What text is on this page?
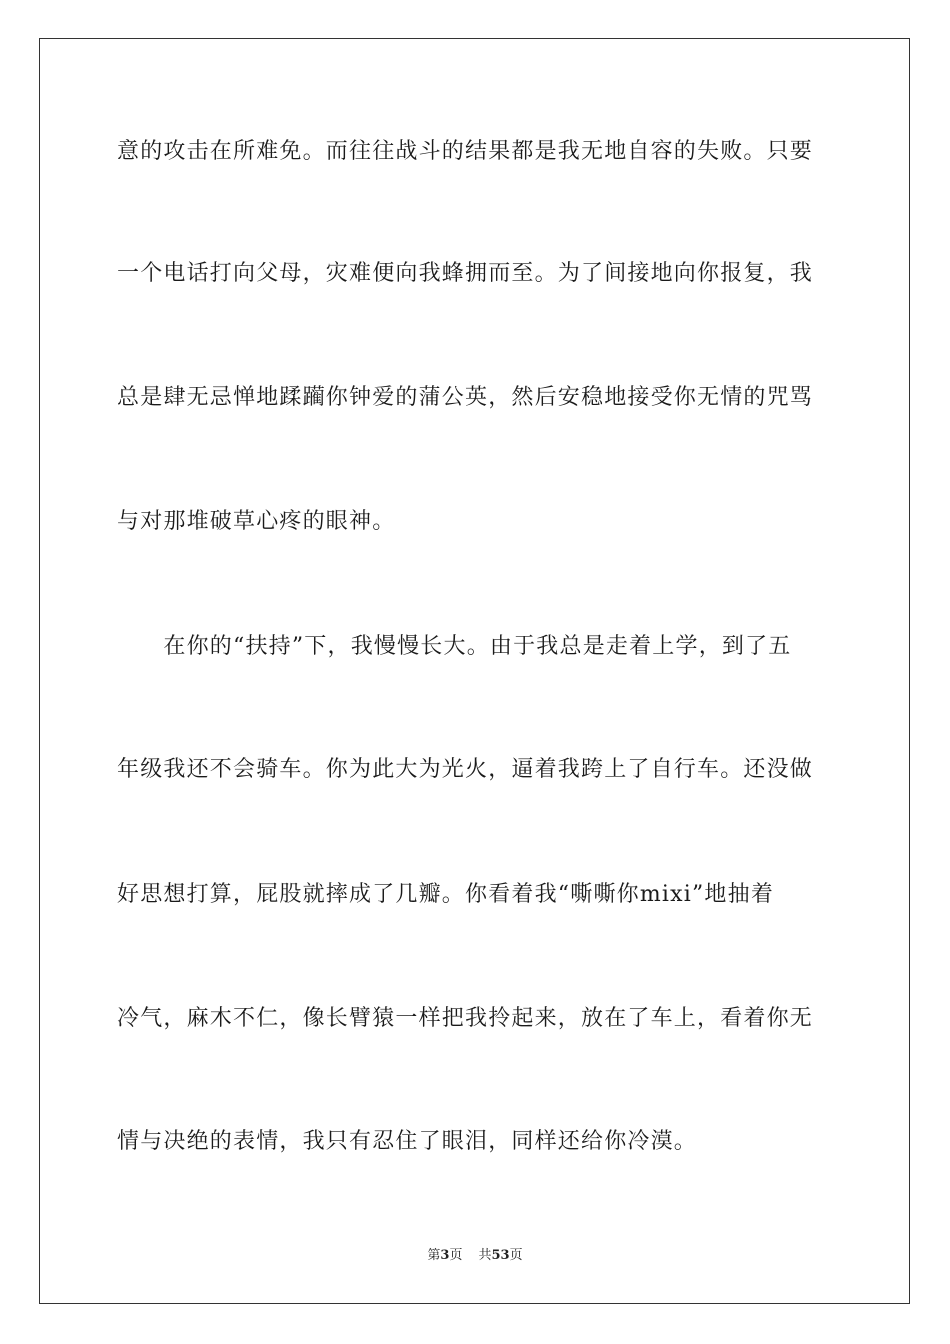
意的攻击在所难免。而往往战斗的结果都是我无地自容的失败。只要
一个电话打向父母，灾难便向我蜂拥而至。为了间接地向你报复，我
总是肆无忌惮地蹂躏你钟爱的蒲公英，然后安稳地接受你无情的咒骂
与对那堆破草心疼的眼神。
　　在你的“扶持”下，我慢慢长大。由于我总是走着上学，到了五
年级我还不会骑车。你为此大为光火，逼着我跨上了自行车。还没做
好思想打算，屁股就摔成了几瓣。你看着我“嘶嘶你mixi”地抽着
冷气，麻木不仁，像长臂猿一样把我拎起来，放在了车上，看着你无
情与决绝的表情，我只有忍住了眼泪，同样还给你冷漠。
第3页 共53页
